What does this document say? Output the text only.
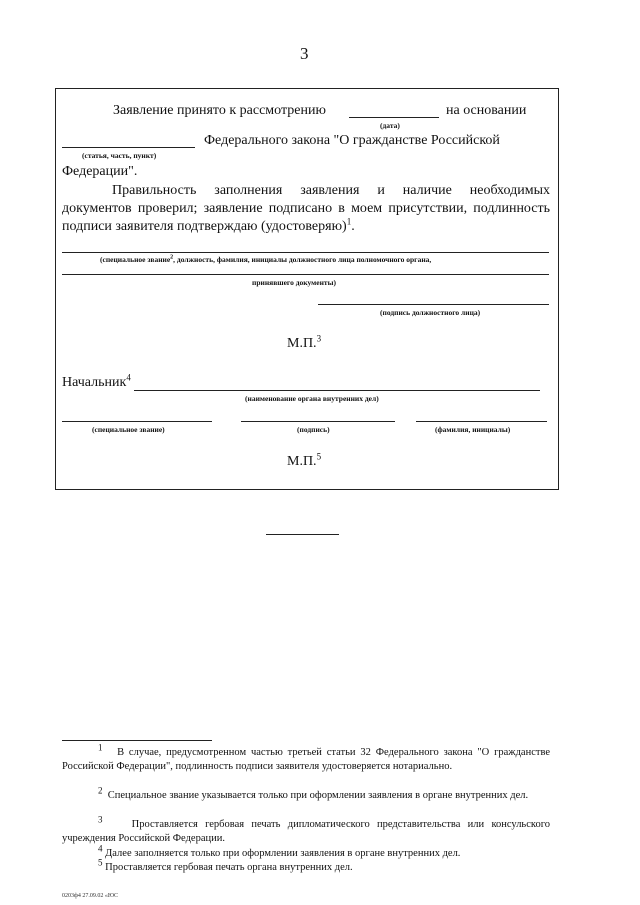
3
Заявление принято к рассмотрению	на основании
(дата)
Федерального закона "О гражданстве Российской
(статья, часть, пункт)
Федерации".
Правильность заполнения заявления и наличие необходимых документов проверил; заявление подписано в моем присутствии, подлинность подписи заявителя подтверждаю (удостоверяю)$^1$.
(специальное звание$^2$, должность, фамилия, инициалы должностного лица полномочного органа,
принявшего документы)
(подпись должностного лица)
М.П.$^3$
Начальник$^4$
(наименование органа внутренних дел)
(специальное звание)	(подпись)	(фамилия, инициалы)
М.П.$^5$
$^1$ В случае, предусмотренном частью третьей статьи 32 Федерального закона "О гражданстве Российской Федерации", подлинность подписи заявителя удостоверяется нотариально.
$^2$ Специальное звание указывается только при оформлении заявления в органе внутренних дел.
$^3$	Проставляется гербовая печать дипломатического представительства или консульского учреждения Российской Федерации.
$^4$ Далее заполняется только при оформлении заявления в органе внутренних дел.
$^5$ Проставляется гербовая печать органа внутренних дел.
0203ф4 27.09.02 «ЮС
